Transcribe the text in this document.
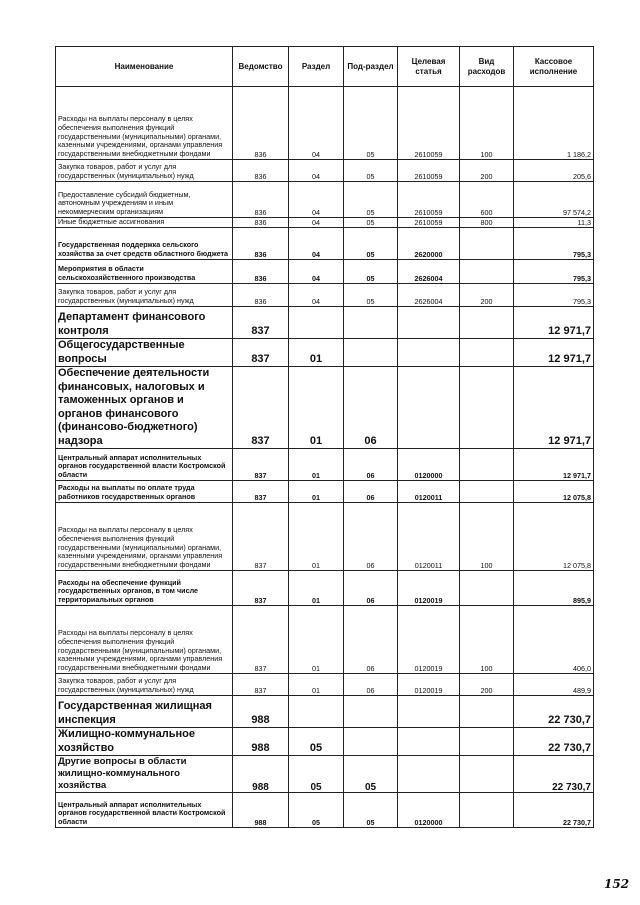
Наименование	Ведомство	Раздел	Под-раздел	Целевая статья	Вид расходов	Кассовое исполнение
Расходы на выплаты персоналу в целях обеспечения выполнения функций государственными (муниципальными) органами, казенными учреждениями, органами управления государственными внебюджетными фондами	836	04	05	2610059	100	1 186,2
Закупка товаров, работ и услуг для государственных (муниципальных) нужд	836	04	05	2610059	200	205,6
Предоставление субсидий бюджетным, автономным учреждениям и иным некоммерческим организациям	836	04	05	2610059	600	97 574,2
Иные бюджетные ассигнования	836	04	05	2610059	800	11,3
Государственная поддержка сельского хозяйства за счет средств областного бюджета	836	04	05	2620000		795,3
Мероприятия в области сельскохозяйственного производства	836	04	05	2626004		795,3
Закупка товаров, работ и услуг для государственных (муниципальных) нужд	836	04	05	2626004	200	795,3
Департамент финансового контроля	837					12 971,7
Общегосударственные вопросы	837	01				12 971,7
Обеспечение деятельности финансовых, налоговых и таможенных органов и органов финансового (финансово-бюджетного) надзора	837	01	06			12 971,7
Центральный аппарат исполнительных органов государственной власти Костромской области	837	01	06	0120000		12 971,7
Расходы на выплаты по оплате труда работников государственных органов	837	01	06	0120011		12 075,8
Расходы на выплаты персоналу в целях обеспечения выполнения функций государственными (муниципальными) органами, казенными учреждениями, органами управления государственными внебюджетными фондами	837	01	06	0120011	100	12 075,8
Расходы на обеспечение функций государственных органов, в том числе территориальных органов	837	01	06	0120019		895,9
Расходы на выплаты персоналу в целях обеспечения выполнения функций государственными (муниципальными) органами, казенными учреждениями, органами управления государственными внебюджетными фондами	837	01	06	0120019	100	406,0
Закупка товаров, работ и услуг для государственных (муниципальных) нужд	837	01	06	0120019	200	489,9
Государственная жилищная инспекция	988					22 730,7
Жилищно-коммунальное хозяйство	988	05				22 730,7
Другие вопросы в области жилищно-коммунального хозяйства	988	05	05			22 730,7
Центральный аппарат исполнительных органов государственной власти Костромской области	988	05	05	0120000		22 730,7
152
